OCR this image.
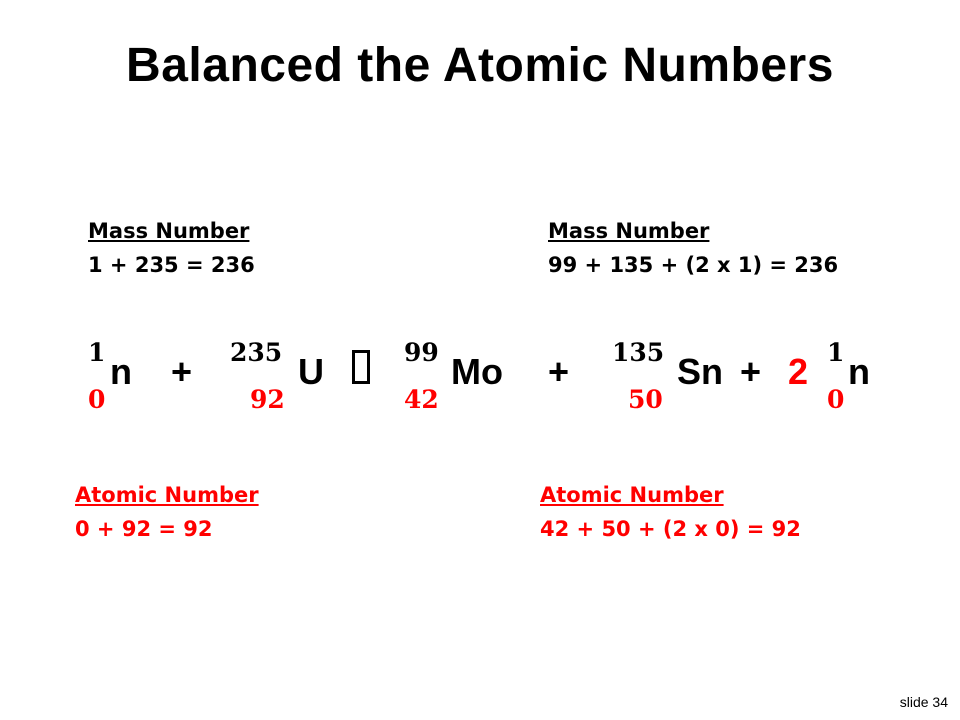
Balanced the Atomic Numbers
Mass Number
1 + 235 = 236
Mass Number
99 + 135 + (2 x 1) = 236
1
0
n + 235
92
U	99
42
Mo + 135
50
Sn + 2 1
0
n
Atomic Number
0 + 92 = 92
Atomic Number
42 + 50 + (2 x 0) = 92
slide 34
